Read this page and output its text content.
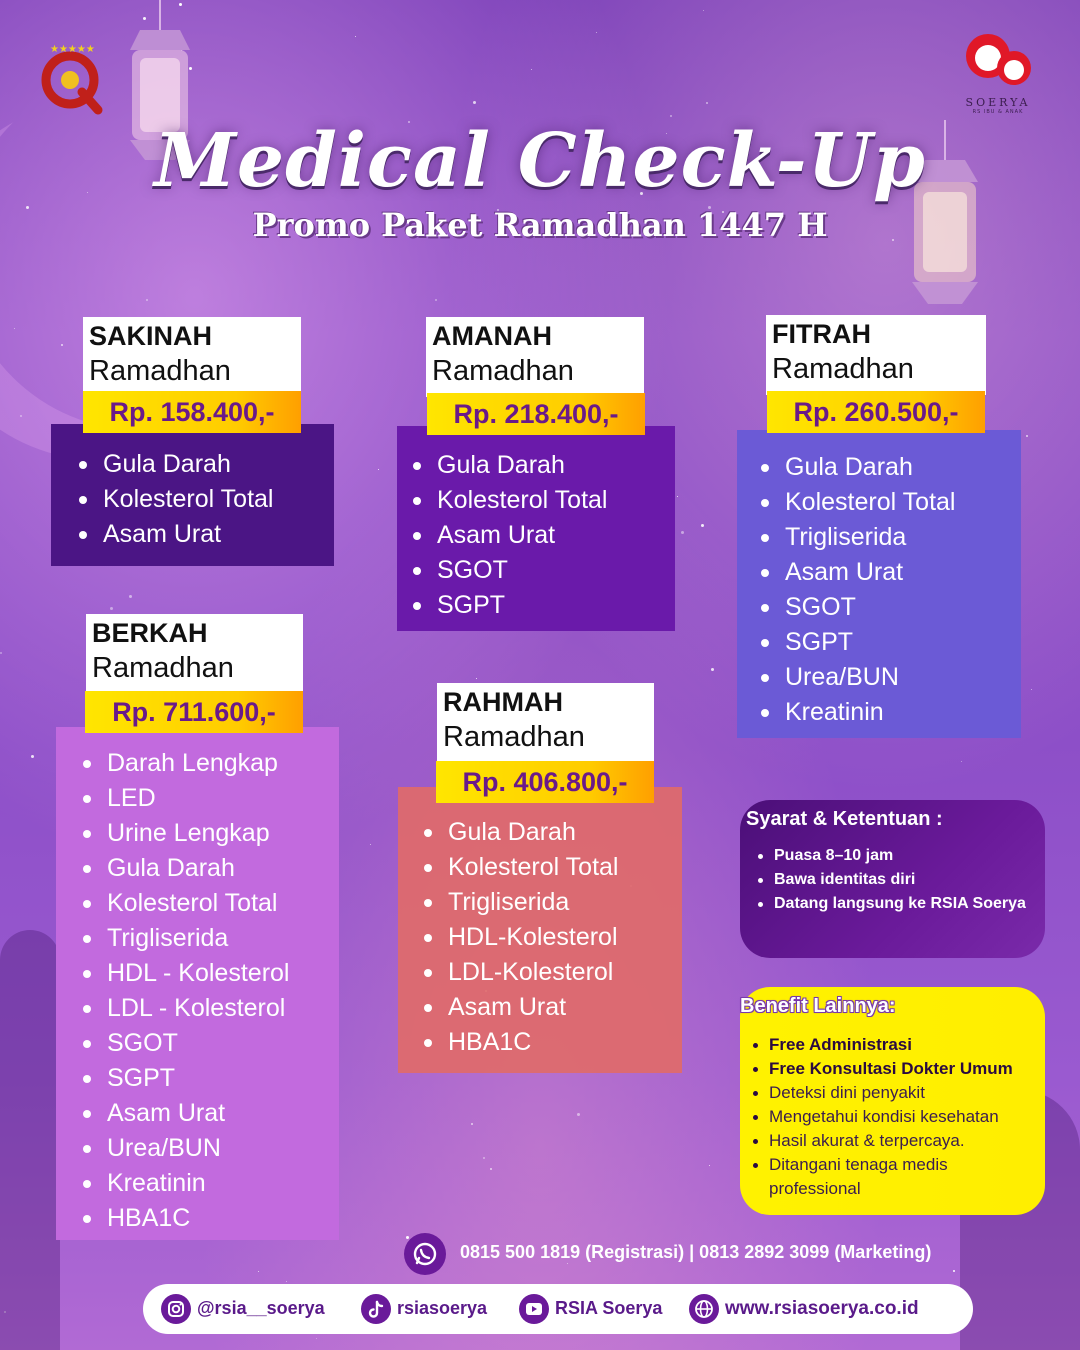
★★★★★
SOERYA
RS IBU & ANAK
Medical Check-Up
Promo Paket Ramadhan 1447 H
SAKINAH
Ramadhan
Rp. 158.400,-
Gula Darah
Kolesterol Total
Asam Urat
AMANAH
Ramadhan
Rp. 218.400,-
Gula Darah
Kolesterol Total
Asam Urat
SGOT
SGPT
FITRAH
Ramadhan
Rp. 260.500,-
Gula Darah
Kolesterol Total
Trigliserida
Asam Urat
SGOT
SGPT
Urea/BUN
Kreatinin
BERKAH
Ramadhan
Rp. 711.600,-
Darah Lengkap
LED
Urine Lengkap
Gula Darah
Kolesterol Total
Trigliserida
HDL - Kolesterol
LDL - Kolesterol
SGOT
SGPT
Asam Urat
Urea/BUN
Kreatinin
HBA1C
RAHMAH
Ramadhan
Rp. 406.800,-
Gula Darah
Kolesterol Total
Trigliserida
HDL-Kolesterol
LDL-Kolesterol
Asam Urat
HBA1C
Syarat & Ketentuan :
Puasa 8–10 jam
Bawa identitas diri
Datang langsung ke RSIA Soerya
Benefit Lainnya:
Free Administrasi
Free Konsultasi Dokter Umum
Deteksi dini penyakit
Mengetahui kondisi kesehatan
Hasil akurat & terpercaya.
Ditangani tenaga medis professional
0815 500 1819 (Registrasi) | 0813 2892 3099 (Marketing)
@rsia__soerya	rsiasoerya	RSIA Soerya	www.rsiasoerya.co.id
